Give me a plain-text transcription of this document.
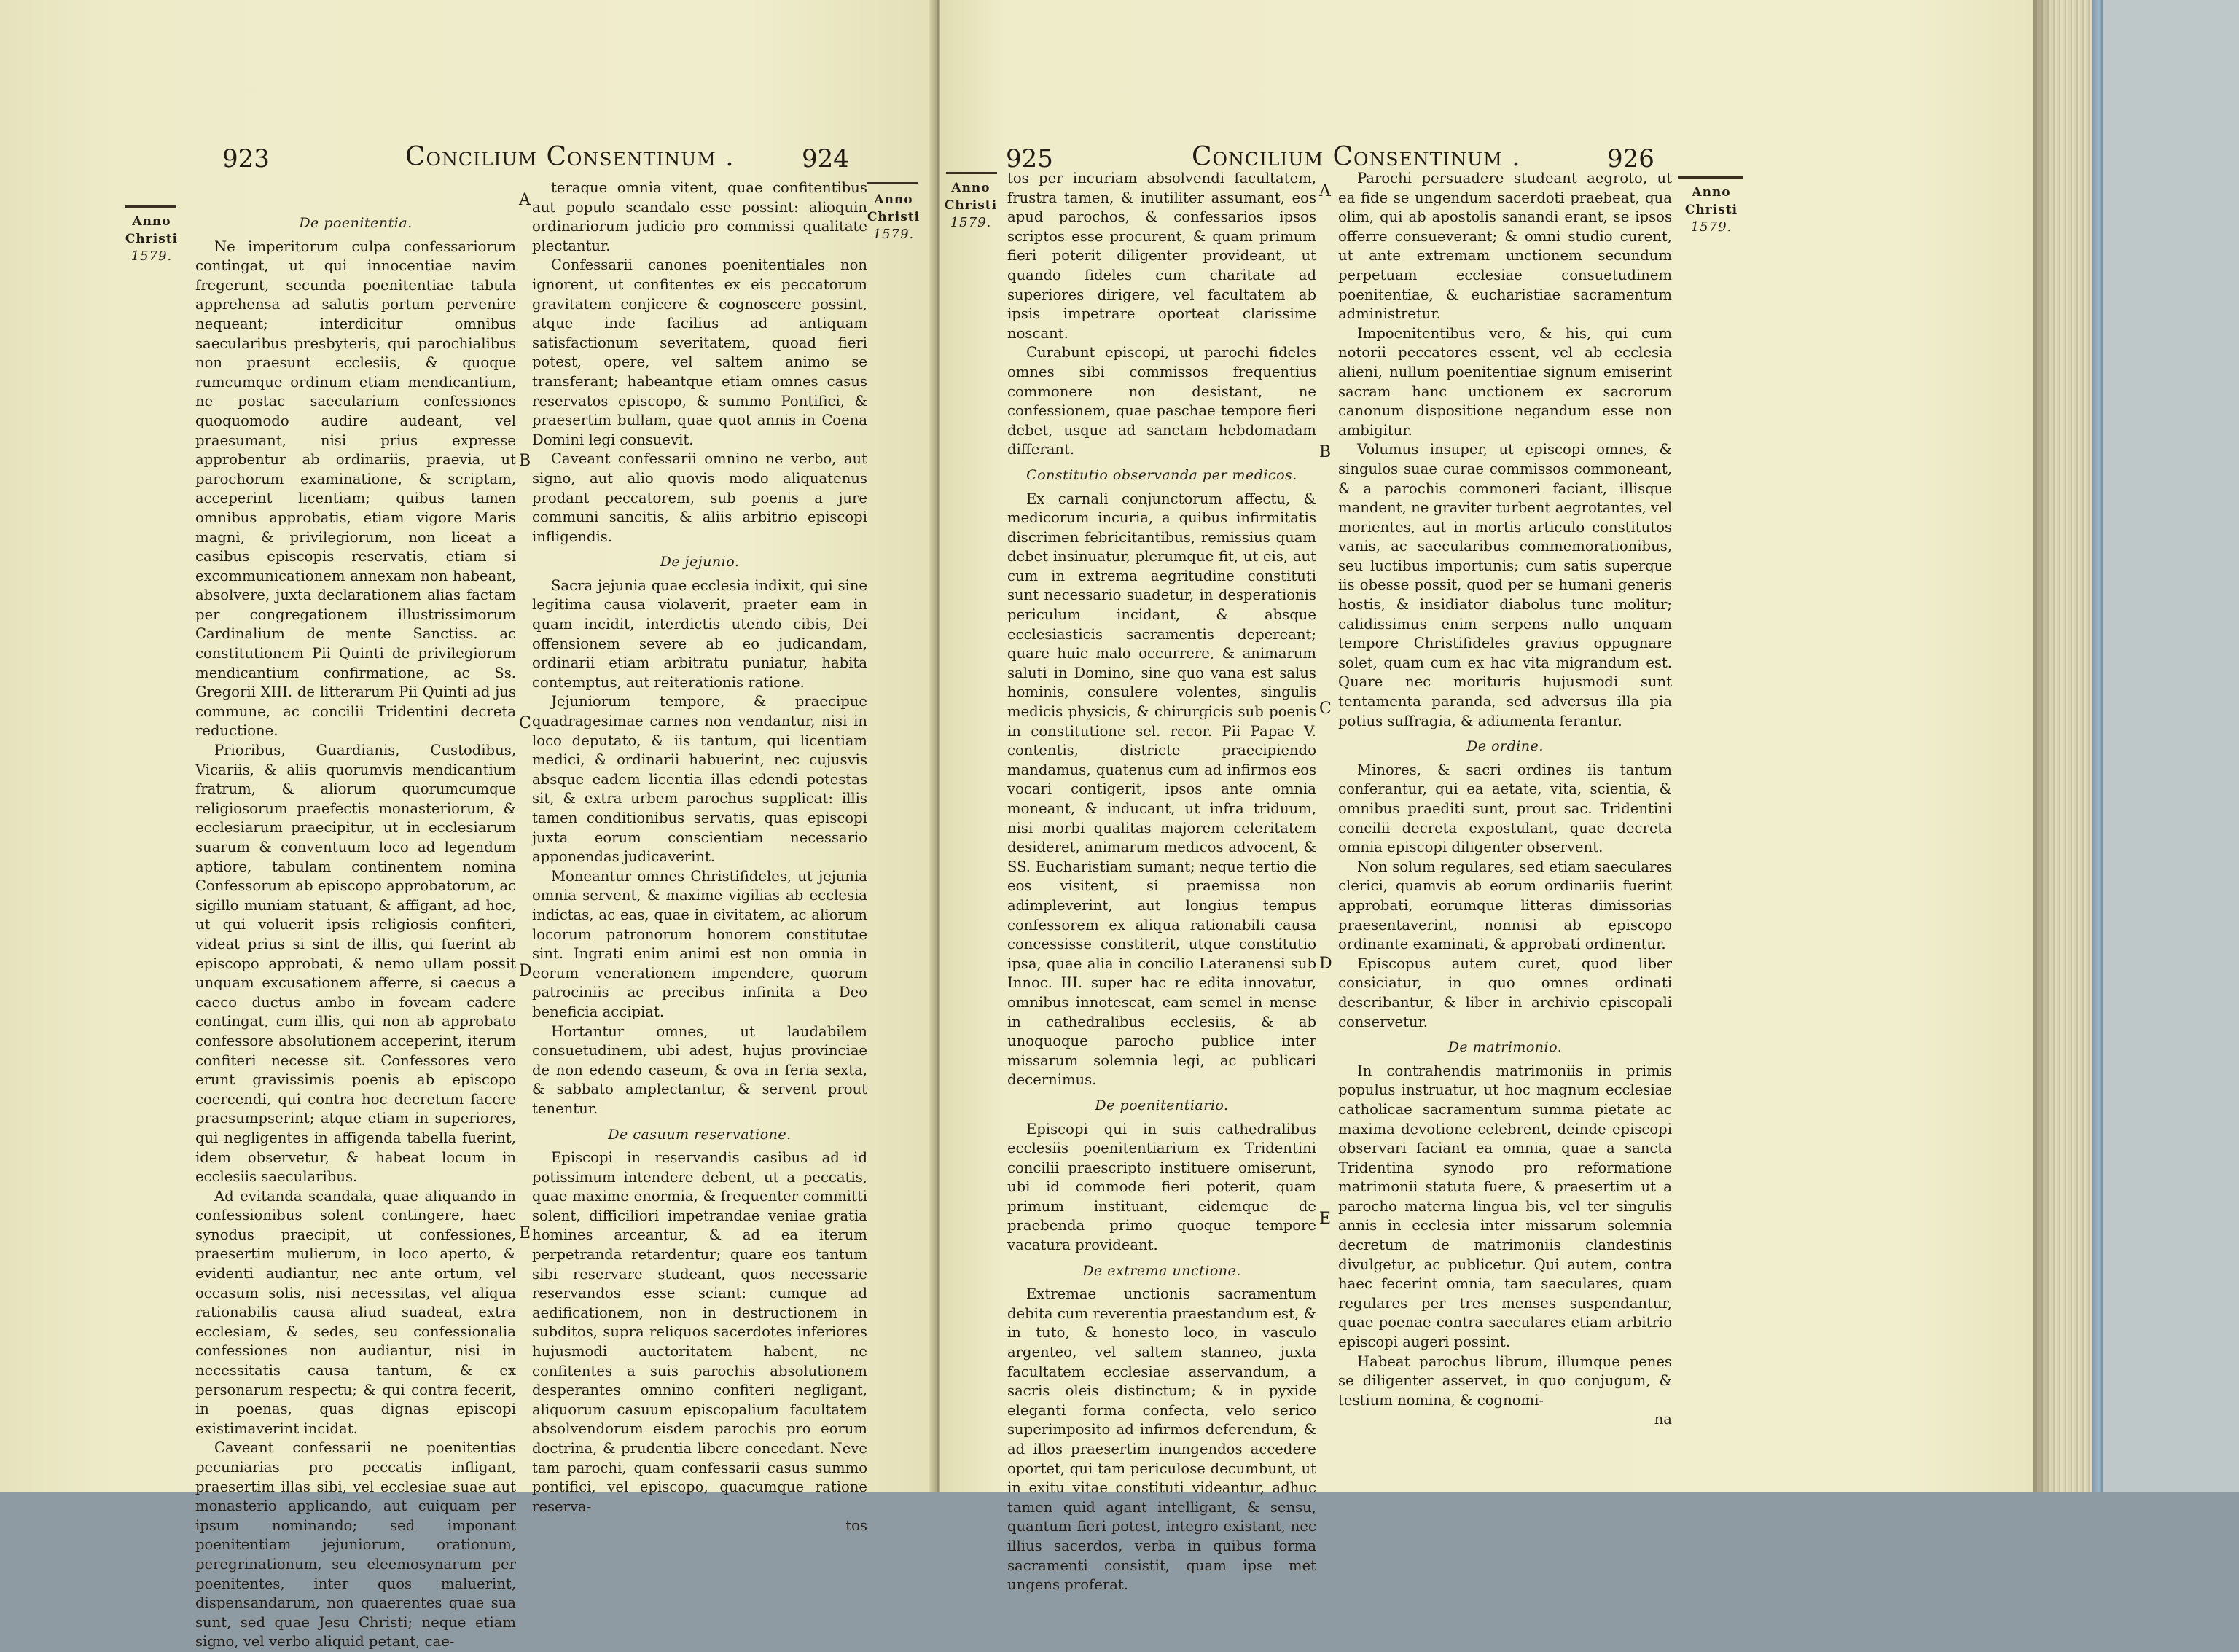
923	Concilium Consentinum .	924
Anno
Christi
1579.
Anno
Christi
1579.
A
B
C
D
E
De poenitentia.

Ne imperitorum culpa confessariorum contingat, ut qui innocentiae navim fregerunt, secunda poenitentiae tabula apprehensa ad salutis portum pervenire nequeant; interdicitur omnibus saecularibus presbyteris, qui parochialibus non praesunt ecclesiis, & quoque rumcumque ordinum etiam mendicantium, ne postac saecularium confessiones quoquomodo audire audeant, vel praesumant, nisi prius expresse approbentur ab ordinariis, praevia, ut parochorum examinatione, & scriptam, acceperint licentiam; quibus tamen omnibus approbatis, etiam vigore Maris magni, & privilegiorum, non liceat a casibus episcopis reservatis, etiam si excommunicationem annexam non habeant, absolvere, juxta declarationem alias factam per congregationem illustrissimorum Cardinalium de mente Sanctiss. ac constitutionem Pii Quinti de privilegiorum mendicantium confirmatione, ac Ss. Gregorii XIII. de litterarum Pii Quinti ad jus commune, ac concilii Tridentini decreta reductione.

Prioribus, Guardianis, Custodibus, Vicariis, & aliis quorumvis mendicantium fratrum, & aliorum quorumcumque religiosorum praefectis monasteriorum, & ecclesiarum praecipitur, ut in ecclesiarum suarum & conventuum loco ad legendum aptiore, tabulam continentem nomina Confessorum ab episcopo approbatorum, ac sigillo muniam statuant, & affigant, ad hoc, ut qui voluerit ipsis religiosis confiteri, videat prius si sint de illis, qui fuerint ab episcopo approbati, & nemo ullam possit unquam excusationem afferre, si caecus a caeco ductus ambo in foveam cadere contingat, cum illis, qui non ab approbato confessore absolutionem acceperint, iterum confiteri necesse sit. Confessores vero erunt gravissimis poenis ab episcopo coercendi, qui contra hoc decretum facere praesumpserint; atque etiam in superiores, qui negligentes in affigenda tabella fuerint, idem observetur, & habeat locum in ecclesiis saecularibus.

Ad evitanda scandala, quae aliquando in confessionibus solent contingere, haec synodus praecipit, ut confessiones, praesertim mulierum, in loco aperto, & evidenti audiantur, nec ante ortum, vel occasum solis, nisi necessitas, vel aliqua rationabilis causa aliud suadeat, extra ecclesiam, & sedes, seu confessionalia confessiones non audiantur, nisi in necessitatis causa tantum, & ex personarum respectu; & qui contra fecerit, in poenas, quas dignas episcopi existimaverint incidat.

Caveant confessarii ne poenitentias pecuniarias pro peccatis infligant, praesertim illas sibi, vel ecclesiae suae aut monasterio applicando, aut cuiquam per ipsum nominando; sed imponant poenitentiam jejuniorum, orationum, peregrinationum, seu eleemosynarum per poenitentes, inter quos maluerint, dispensandarum, non quaerentes quae sua sunt, sed quae Jesu Christi; neque etiam signo, vel verbo aliquid petant, cae-

teraque omnia vitent, quae confitentibus aut populo scandalo esse possint: alioquin ordinariorum judicio pro commissi qualitate plectantur.

Confessarii canones poenitentiales non ignorent, ut confitentes ex eis peccatorum gravitatem conjicere & cognoscere possint, atque inde facilius ad antiquam satisfactionum severitatem, quoad fieri potest, opere, vel saltem animo se transferant; habeantque etiam omnes casus reservatos episcopo, & summo Pontifici, & praesertim bullam, quae quot annis in Coena Domini legi consuevit.

Caveant confessarii omnino ne verbo, aut signo, aut alio quovis modo aliquatenus prodant peccatorem, sub poenis a jure communi sancitis, & aliis arbitrio episcopi infligendis.

De jejunio.

Sacra jejunia quae ecclesia indixit, qui sine legitima causa violaverit, praeter eam in quam incidit, interdictis utendo cibis, Dei offensionem severe ab eo judicandam, ordinarii etiam arbitratu puniatur, habita contemptus, aut reiterationis ratione.

Jejuniorum tempore, & praecipue quadragesimae carnes non vendantur, nisi in loco deputato, & iis tantum, qui licentiam medici, & ordinarii habuerint, nec cujusvis absque eadem licentia illas edendi potestas sit, & extra urbem parochus supplicat: illis tamen conditionibus servatis, quas episcopi juxta eorum conscientiam necessario apponendas judicaverint.

Moneantur omnes Christifideles, ut jejunia omnia servent, & maxime vigilias ab ecclesia indictas, ac eas, quae in civitatem, ac aliorum locorum patronorum honorem constitutae sint. Ingrati enim animi est non omnia in eorum venerationem impendere, quorum patrociniis ac precibus infinita a Deo beneficia accipiat.

Hortantur omnes, ut laudabilem consuetudinem, ubi adest, hujus provinciae de non edendo caseum, & ova in feria sexta, & sabbato amplectantur, & servent prout tenentur.

De casuum reservatione.

Episcopi in reservandis casibus ad id potissimum intendere debent, ut a peccatis, quae maxime enormia, & frequenter committi solent, difficiliori impetrandae veniae gratia homines arceantur, & ad ea iterum perpetranda retardentur; quare eos tantum sibi reservare studeant, quos necessarie reservandos esse sciant: cumque ad aedificationem, non in destructionem in subditos, supra reliquos sacerdotes inferiores hujusmodi auctoritatem habent, ne confitentes a suis parochis absolutionem desperantes omnino confiteri negligant, aliquorum casuum episcopalium facultatem absolvendorum eisdem parochis pro eorum doctrina, & prudentia libere concedant. Neve tam parochi, quam confessarii casus summo pontifici, vel episcopo, quacumque ratione reserva-

tos

925	Concilium Consentinum .	926
Anno
Christi
1579.
Anno
Christi
1579.
A
B
C
D
E

tos per incuriam absolvendi facultatem, frustra tamen, & inutiliter assumant, eos apud parochos, & confessarios ipsos scriptos esse procurent, & quam primum fieri poterit diligenter provideant, ut quando fideles cum charitate ad superiores dirigere, vel facultatem ab ipsis impetrare oporteat clarissime noscant.

Curabunt episcopi, ut parochi fideles omnes sibi commissos frequentius commonere non desistant, ne confessionem, quae paschae tempore fieri debet, usque ad sanctam hebdomadam differant.

Constitutio observanda per medicos.

Ex carnali conjunctorum affectu, & medicorum incuria, a quibus infirmitatis discrimen febricitantibus, remissius quam debet insinuatur, plerumque fit, ut eis, aut cum in extrema aegritudine constituti sunt necessario suadetur, in desperationis periculum incidant, & absque ecclesiasticis sacramentis depereant; quare huic malo occurrere, & animarum saluti in Domino, sine quo vana est salus hominis, consulere volentes, singulis medicis physicis, & chirurgicis sub poenis in constitutione sel. recor. Pii Papae V. contentis, districte praecipiendo mandamus, quatenus cum ad infirmos eos vocari contigerit, ipsos ante omnia moneant, & inducant, ut infra triduum, nisi morbi qualitas majorem celeritatem desideret, animarum medicos advocent, & SS. Eucharistiam sumant; neque tertio die eos visitent, si praemissa non adimpleverint, aut longius tempus confessorem ex aliqua rationabili causa concessisse constiterit, utque constitutio ipsa, quae alia in concilio Lateranensi sub Innoc. III. super hac re edita innovatur, omnibus innotescat, eam semel in mense in cathedralibus ecclesiis, & ab unoquoque parocho publice inter missarum solemnia legi, ac publicari decernimus.

De poenitentiario.

Episcopi qui in suis cathedralibus ecclesiis poenitentiarium ex Tridentini concilii praescripto instituere omiserunt, ubi id commode fieri poterit, quam primum instituant, eidemque de praebenda primo quoque tempore vacatura provideant.

De extrema unctione.

Extremae unctionis sacramentum debita cum reverentia praestandum est, & in tuto, & honesto loco, in vasculo argenteo, vel saltem stanneo, juxta facultatem ecclesiae asservandum, a sacris oleis distinctum; & in pyxide eleganti forma confecta, velo serico superimposito ad infirmos deferendum, & ad illos praesertim inungendos accedere oportet, qui tam periculose decumbunt, ut in exitu vitae constituti videantur, adhuc tamen quid agant intelligant, & sensu, quantum fieri potest, integro existant, nec illius sacerdos, verba in quibus forma sacramenti consistit, quam ipse met ungens proferat.

Parochi persuadere studeant aegroto, ut ea fide se ungendum sacerdoti praebeat, qua olim, qui ab apostolis sanandi erant, se ipsos offerre consueverant; & omni studio curent, ut ante extremam unctionem secundum perpetuam ecclesiae consuetudinem poenitentiae, & eucharistiae sacramentum administretur.

Impoenitentibus vero, & his, qui cum notorii peccatores essent, vel ab ecclesia alieni, nullum poenitentiae signum emiserint sacram hanc unctionem ex sacrorum canonum dispositione negandum esse non ambigitur.

Volumus insuper, ut episcopi omnes, & singulos suae curae commissos commoneant, & a parochis commoneri faciant, illisque mandent, ne graviter turbent aegrotantes, vel morientes, aut in mortis articulo constitutos vanis, ac saecularibus commemorationibus, seu luctibus importunis; cum satis superque iis obesse possit, quod per se humani generis hostis, & insidiator diabolus tunc molitur; calidissimus enim serpens nullo unquam tempore Christifideles gravius oppugnare solet, quam cum ex hac vita migrandum est. Quare nec morituris hujusmodi sunt tentamenta paranda, sed adversus illa pia potius suffragia, & adiumenta ferantur.

De ordine.

Minores, & sacri ordines iis tantum conferantur, qui ea aetate, vita, scientia, & omnibus praediti sunt, prout sac. Tridentini concilii decreta expostulant, quae decreta omnia episcopi diligenter observent.

Non solum regulares, sed etiam saeculares clerici, quamvis ab eorum ordinariis fuerint approbati, eorumque litteras dimissorias praesentaverint, nonnisi ab episcopo ordinante examinati, & approbati ordinentur.

Episcopus autem curet, quod liber consiciatur, in quo omnes ordinati describantur, & liber in archivio episcopali conservetur.

De matrimonio.

In contrahendis matrimoniis in primis populus instruatur, ut hoc magnum ecclesiae catholicae sacramentum summa pietate ac maxima devotione celebrent, deinde episcopi observari faciant ea omnia, quae a sancta Tridentina synodo pro reformatione matrimonii statuta fuere, & praesertim ut a parocho materna lingua bis, vel ter singulis annis in ecclesia inter missarum solemnia decretum de matrimoniis clandestinis divulgetur, ac publicetur. Qui autem, contra haec fecerint omnia, tam saeculares, quam regulares per tres menses suspendantur, quae poenae contra saeculares etiam arbitrio episcopi augeri possint.

Habeat parochus librum, illumque penes se diligenter asservet, in quo conjugum, & testium nomina, & cognomi-

na
